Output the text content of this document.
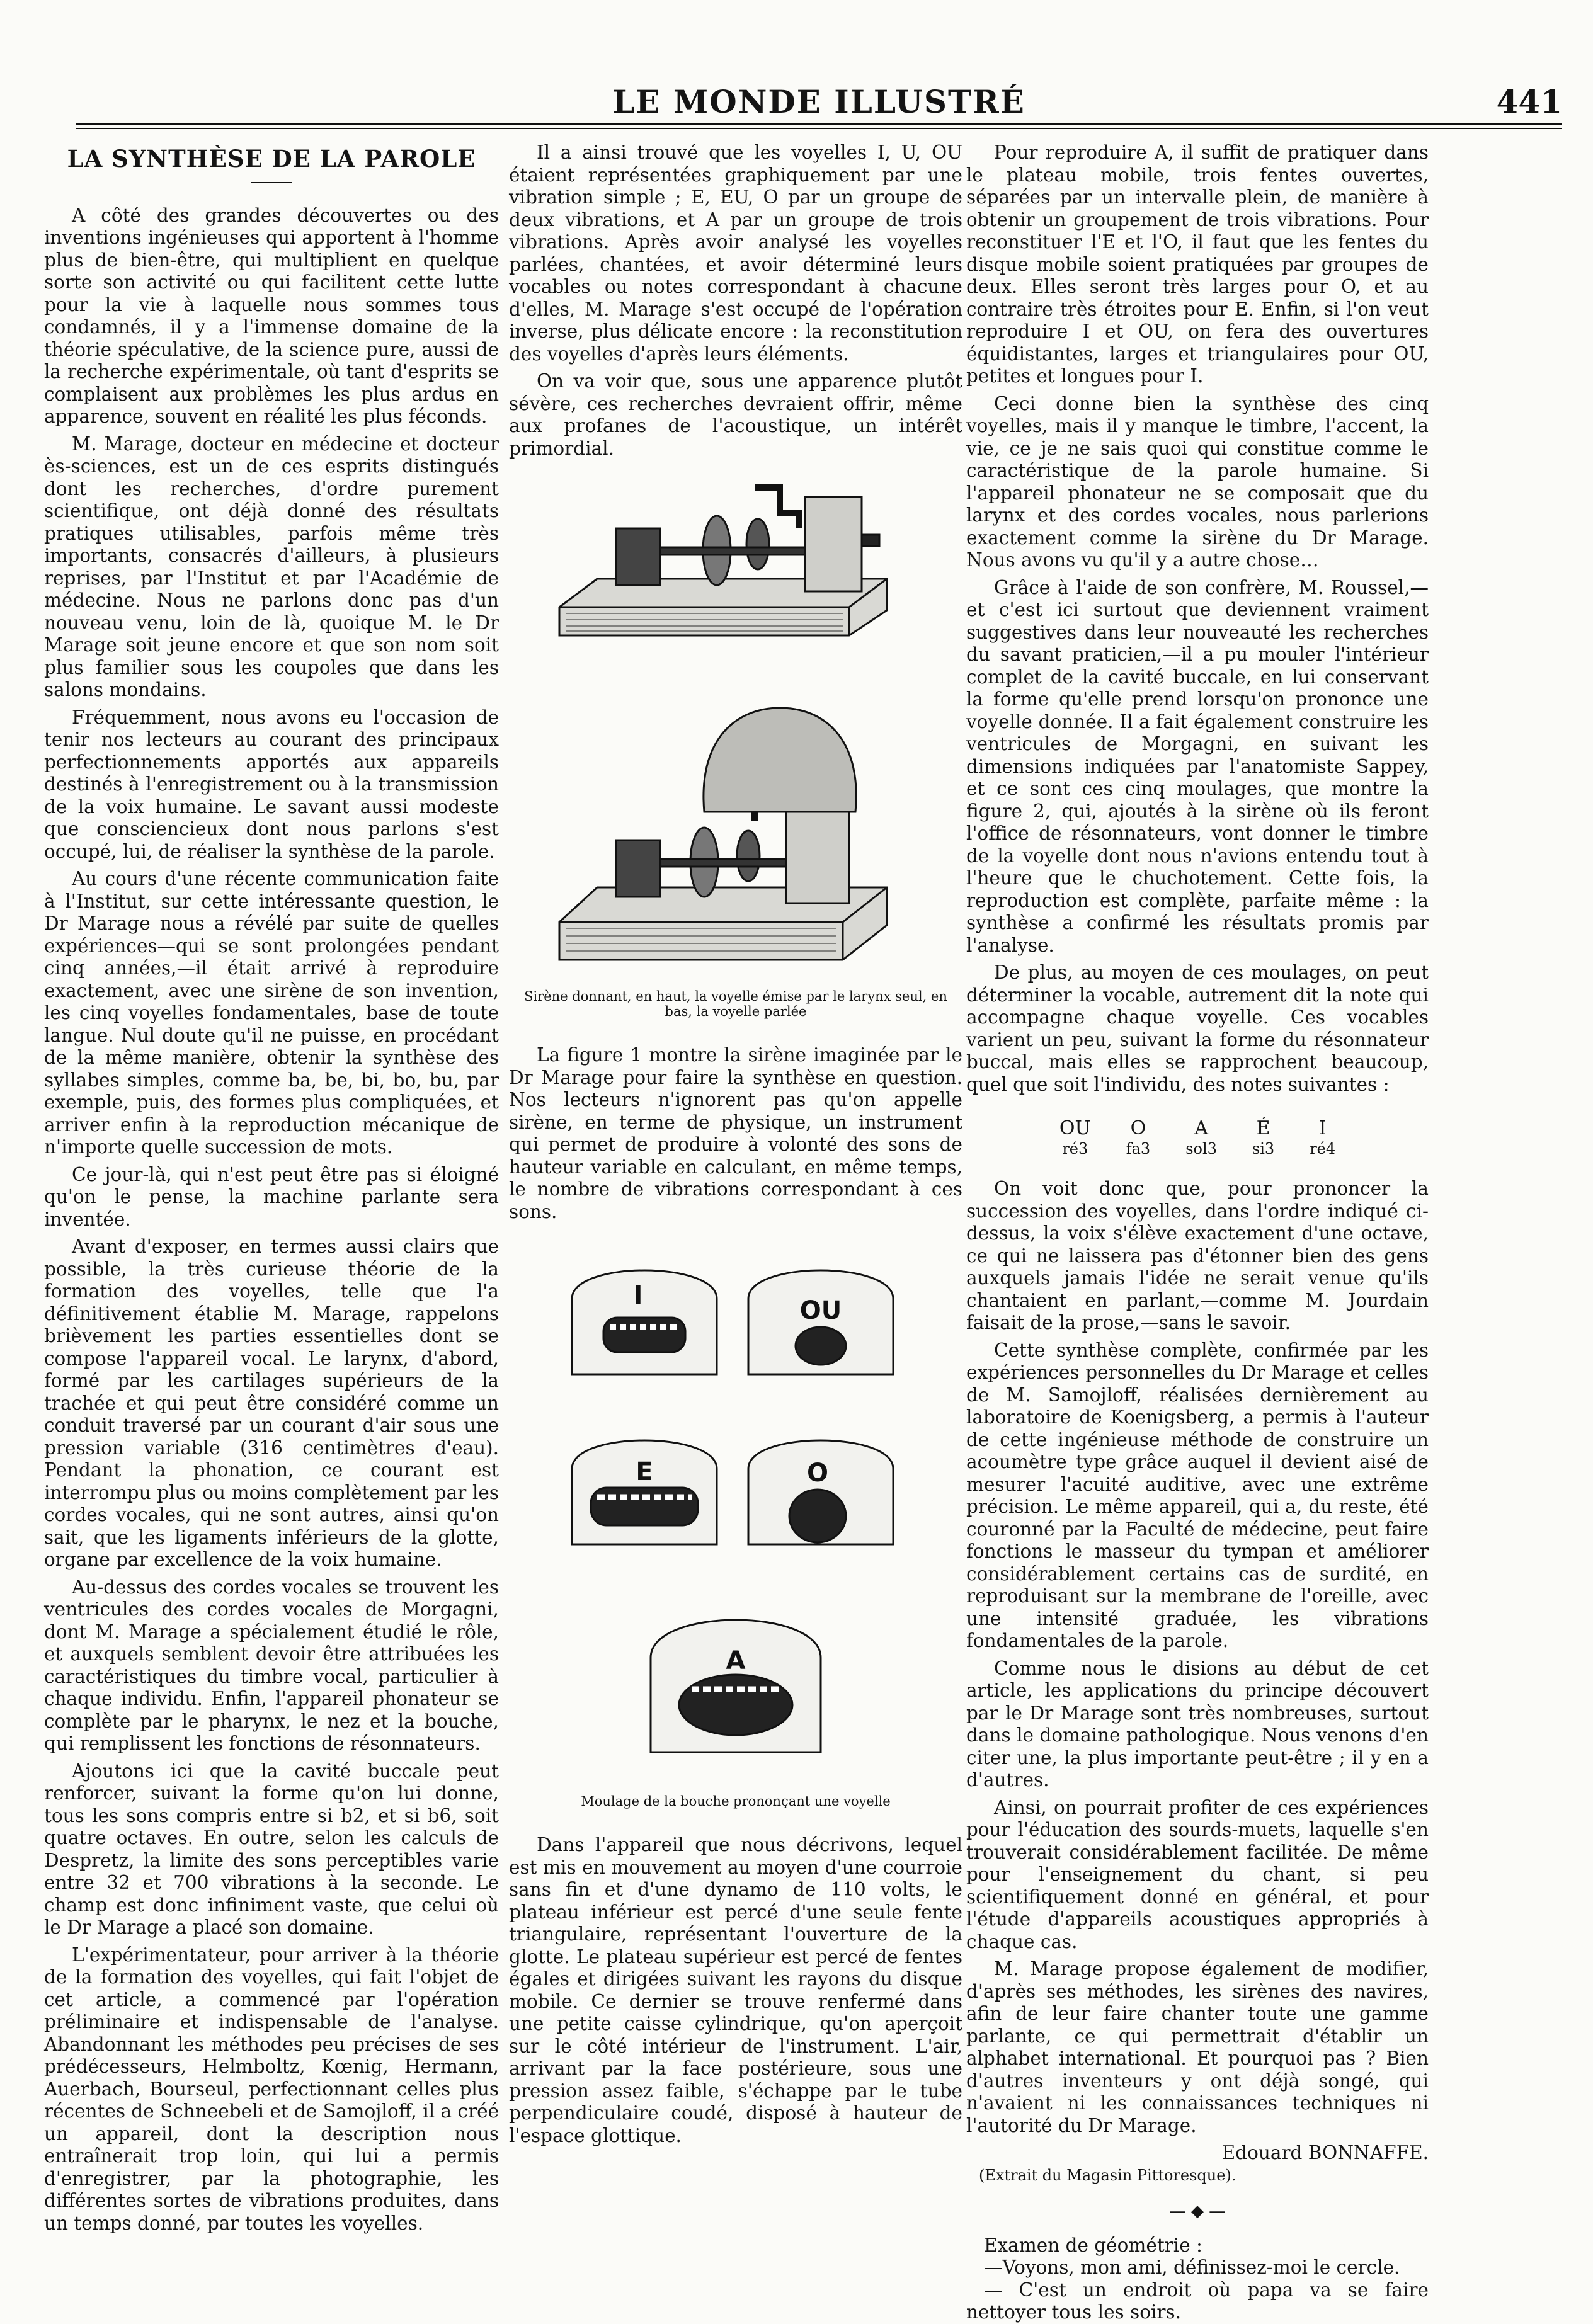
LE MONDE ILLUSTRÉ	441
LA SYNTHÈSE DE LA PAROLE

A côté des grandes découvertes ou des inventions ingénieuses qui apportent à l'homme plus de bien-être, qui multiplient en quelque sorte son activité ou qui facilitent cette lutte pour la vie à laquelle nous sommes tous condamnés, il y a l'immense domaine de la théorie spéculative, de la science pure, aussi de la recherche expérimentale, où tant d'esprits se complaisent aux problèmes les plus ardus en apparence, souvent en réalité les plus féconds.

M. Marage, docteur en médecine et docteur ès-sciences, est un de ces esprits distingués dont les recherches, d'ordre purement scientifique, ont déjà donné des résultats pratiques utilisables, parfois même très importants, consacrés d'ailleurs, à plusieurs reprises, par l'Institut et par l'Académie de médecine. Nous ne parlons donc pas d'un nouveau venu, loin de là, quoique M. le Dr Marage soit jeune encore et que son nom soit plus familier sous les coupoles que dans les salons mondains.

Fréquemment, nous avons eu l'occasion de tenir nos lecteurs au courant des principaux perfectionnements apportés aux appareils destinés à l'enregistrement ou à la transmission de la voix humaine. Le savant aussi modeste que consciencieux dont nous parlons s'est occupé, lui, de réaliser la synthèse de la parole.

Au cours d'une récente communication faite à l'Institut, sur cette intéressante question, le Dr Marage nous a révélé par suite de quelles expériences—qui se sont prolongées pendant cinq années,—il était arrivé à reproduire exactement, avec une sirène de son invention, les cinq voyelles fondamentales, base de toute langue. Nul doute qu'il ne puisse, en procédant de la même manière, obtenir la synthèse des syllabes simples, comme ba, be, bi, bo, bu, par exemple, puis, des formes plus compliquées, et arriver enfin à la reproduction mécanique de n'importe quelle succession de mots.

Ce jour-là, qui n'est peut être pas si éloigné qu'on le pense, la machine parlante sera inventée.

Avant d'exposer, en termes aussi clairs que possible, la très curieuse théorie de la formation des voyelles, telle que l'a définitivement établie M. Marage, rappelons brièvement les parties essentielles dont se compose l'appareil vocal. Le larynx, d'abord, formé par les cartilages supérieurs de la trachée et qui peut être considéré comme un conduit traversé par un courant d'air sous une pression variable (316 centimètres d'eau). Pendant la phonation, ce courant est interrompu plus ou moins complètement par les cordes vocales, qui ne sont autres, ainsi qu'on sait, que les ligaments inférieurs de la glotte, organe par excellence de la voix humaine.

Au-dessus des cordes vocales se trouvent les ventricules des cordes vocales de Morgagni, dont M. Marage a spécialement étudié le rôle, et auxquels semblent devoir être attribuées les caractéristiques du timbre vocal, particulier à chaque individu. Enfin, l'appareil phonateur se complète par le pharynx, le nez et la bouche, qui remplissent les fonctions de résonnateurs.

Ajoutons ici que la cavité buccale peut renforcer, suivant la forme qu'on lui donne, tous les sons compris entre si b2, et si b6, soit quatre octaves. En outre, selon les calculs de Despretz, la limite des sons perceptibles varie entre 32 et 700 vibrations à la seconde. Le champ est donc infiniment vaste, que celui où le Dr Marage a placé son domaine.

L'expérimentateur, pour arriver à la théorie de la formation des voyelles, qui fait l'objet de cet article, a commencé par l'opération préliminaire et indispensable de l'analyse. Abandonnant les méthodes peu précises de ses prédécesseurs, Helmboltz, Kœnig, Hermann, Auerbach, Bourseul, perfectionnant celles plus récentes de Schneebeli et de Samojloff, il a créé un appareil, dont la description nous entraînerait trop loin, qui lui a permis d'enregistrer, par la photographie, les différentes sortes de vibrations produites, dans un temps donné, par toutes les voyelles.

Il a ainsi trouvé que les voyelles I, U, OU étaient représentées graphiquement par une vibration simple ; E, EU, O par un groupe de deux vibrations, et A par un groupe de trois vibrations. Après avoir analysé les voyelles parlées, chantées, et avoir déterminé leurs vocables ou notes correspondant à chacune d'elles, M. Marage s'est occupé de l'opération inverse, plus délicate encore : la reconstitution des voyelles d'après leurs éléments.

On va voir que, sous une apparence plutôt sévère, ces recherches devraient offrir, même aux profanes de l'acoustique, un intérêt primordial.

Sirène donnant, en haut, la voyelle émise par le larynx seul, en bas, la voyelle parlée

La figure 1 montre la sirène imaginée par le Dr Marage pour faire la synthèse en question. Nos lecteurs n'ignorent pas qu'on appelle sirène, en terme de physique, un instrument qui permet de produire à volonté des sons de hauteur variable en calculant, en même temps, le nombre de vibrations correspondant à ces sons.

I
OU
E	O
A
Moulage de la bouche prononçant une voyelle

Dans l'appareil que nous décrivons, lequel est mis en mouvement au moyen d'une courroie sans fin et d'une dynamo de 110 volts, le plateau inférieur est percé d'une seule fente triangulaire, représentant l'ouverture de la glotte. Le plateau supérieur est percé de fentes égales et dirigées suivant les rayons du disque mobile. Ce dernier se trouve renfermé dans une petite caisse cylindrique, qu'on aperçoit sur le côté intérieur de l'instrument. L'air, arrivant par la face postérieure, sous une pression assez faible, s'échappe par le tube perpendiculaire coudé, disposé à hauteur de l'espace glottique.

Pour reproduire A, il suffit de pratiquer dans le plateau mobile, trois fentes ouvertes, séparées par un intervalle plein, de manière à obtenir un groupement de trois vibrations. Pour reconstituer l'E et l'O, il faut que les fentes du disque mobile soient pratiquées par groupes de deux. Elles seront très larges pour O, et au contraire très étroites pour E. Enfin, si l'on veut reproduire I et OU, on fera des ouvertures équidistantes, larges et triangulaires pour OU, petites et longues pour I.

Ceci donne bien la synthèse des cinq voyelles, mais il y manque le timbre, l'accent, la vie, ce je ne sais quoi qui constitue comme le caractéristique de la parole humaine. Si l'appareil phonateur ne se composait que du larynx et des cordes vocales, nous parlerions exactement comme la sirène du Dr Marage. Nous avons vu qu'il y a autre chose…

Grâce à l'aide de son confrère, M. Roussel,—et c'est ici surtout que deviennent vraiment suggestives dans leur nouveauté les recherches du savant praticien,—il a pu mouler l'intérieur complet de la cavité buccale, en lui conservant la forme qu'elle prend lorsqu'on prononce une voyelle donnée. Il a fait également construire les ventricules de Morgagni, en suivant les dimensions indiquées par l'anatomiste Sappey, et ce sont ces cinq moulages, que montre la figure 2, qui, ajoutés à la sirène où ils feront l'office de résonnateurs, vont donner le timbre de la voyelle dont nous n'avions entendu tout à l'heure que le chuchotement. Cette fois, la reproduction est complète, parfaite même : la synthèse a confirmé les résultats promis par l'analyse.

De plus, au moyen de ces moulages, on peut déterminer la vocable, autrement dit la note qui accompagne chaque voyelle. Ces vocables varient un peu, suivant la forme du résonnateur buccal, mais elles se rapprochent beaucoup, quel que soit l'individu, des notes suivantes :

OU
ré3
O
fa3
A
sol3
É
si3
I
ré4

On voit donc que, pour prononcer la succession des voyelles, dans l'ordre indiqué ci-dessus, la voix s'élève exactement d'une octave, ce qui ne laissera pas d'étonner bien des gens auxquels jamais l'idée ne serait venue qu'ils chantaient en parlant,—comme M. Jourdain faisait de la prose,—sans le savoir.

Cette synthèse complète, confirmée par les expériences personnelles du Dr Marage et celles de M. Samojloff, réalisées dernièrement au laboratoire de Koenigsberg, a permis à l'auteur de cette ingénieuse méthode de construire un acoumètre type grâce auquel il devient aisé de mesurer l'acuité auditive, avec une extrême précision. Le même appareil, qui a, du reste, été couronné par la Faculté de médecine, peut faire fonctions le masseur du tympan et améliorer considérablement certains cas de surdité, en reproduisant sur la membrane de l'oreille, avec une intensité graduée, les vibrations fondamentales de la parole.

Comme nous le disions au début de cet article, les applications du principe découvert par le Dr Marage sont très nombreuses, surtout dans le domaine pathologique. Nous venons d'en citer une, la plus importante peut-être ; il y en a d'autres.

Ainsi, on pourrait profiter de ces expériences pour l'éducation des sourds-muets, laquelle s'en trouverait considérablement facilitée. De même pour l'enseignement du chant, si peu scientifiquement donné en général, et pour l'étude d'appareils acoustiques appropriés à chaque cas.

M. Marage propose également de modifier, d'après ses méthodes, les sirènes des navires, afin de leur faire chanter toute une gamme parlante, ce qui permettrait d'établir un alphabet international. Et pourquoi pas ? Bien d'autres inventeurs y ont déjà songé, qui n'avaient ni les connaissances techniques ni l'autorité du Dr Marage.

Edouard BONNAFFE.
(Extrait du Magasin Pittoresque).
— ◆ —

Examen de géométrie :

—Voyons, mon ami, définissez-moi le cercle.

— C'est un endroit où papa va se faire nettoyer tous les soirs.
